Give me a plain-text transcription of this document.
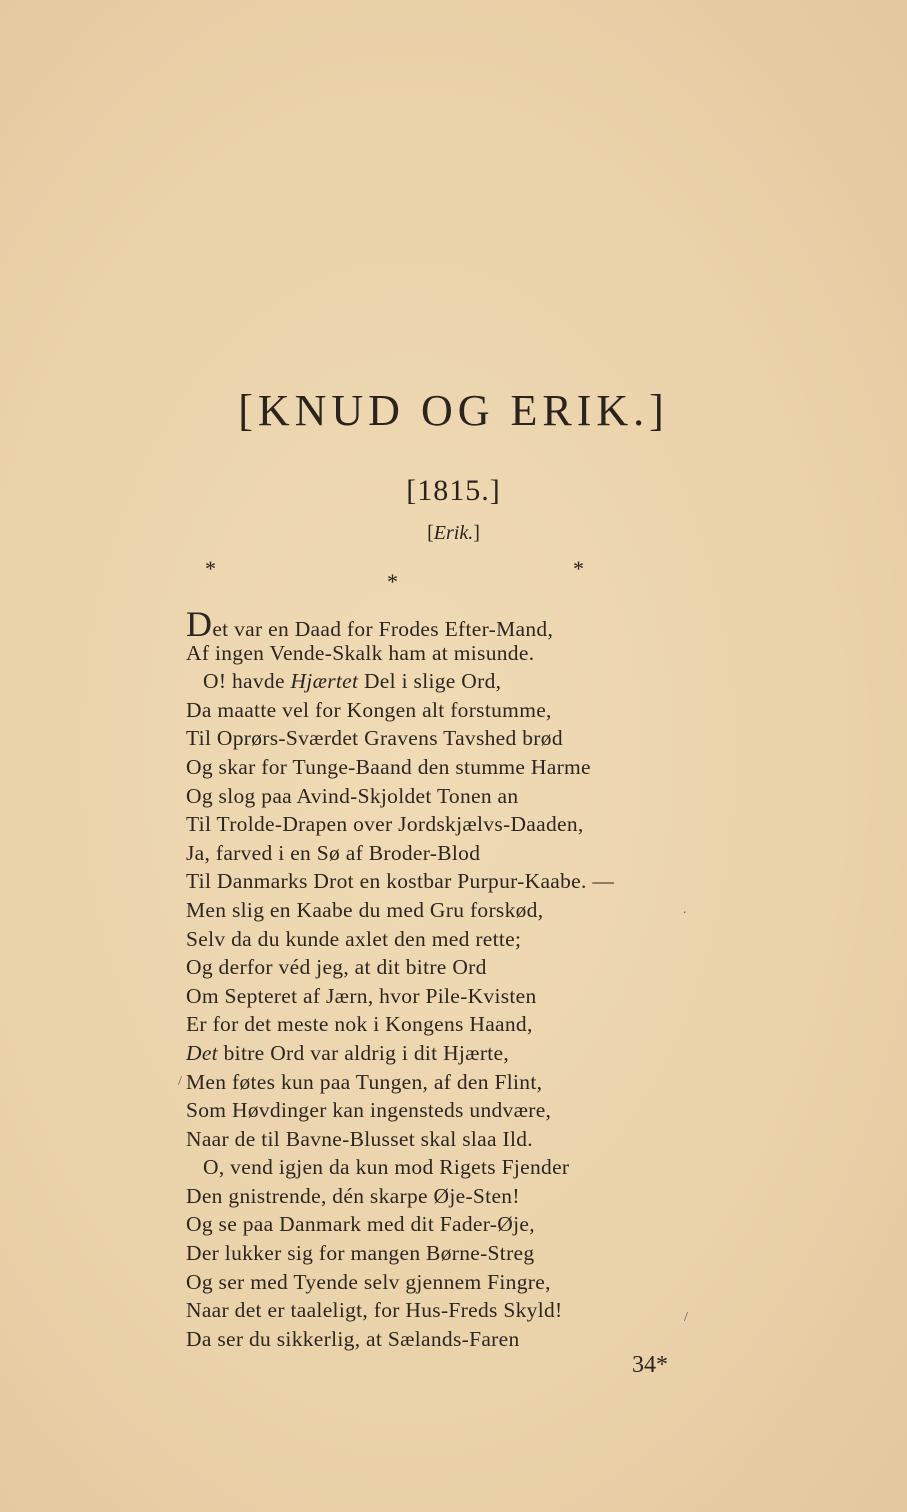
[KNUD OG ERIK.]
[1815.]
[Erik.]
*	*
*
Det var en Daad for Frodes Efter-Mand,
Af ingen Vende-Skalk ham at misunde.
O! havde Hjærtet Del i slige Ord,
Da maatte vel for Kongen alt forstumme,
Til Oprørs-Sværdet Gravens Tavshed brød
Og skar for Tunge-Baand den stumme Harme
Og slog paa Avind-Skjoldet Tonen an
Til Trolde-Drapen over Jordskjælvs-Daaden,
Ja, farved i en Sø af Broder-Blod
Til Danmarks Drot en kostbar Purpur-Kaabe. —
Men slig en Kaabe du med Gru forskød,
Selv da du kunde axlet den med rette;
Og derfor véd jeg, at dit bitre Ord
Om Septeret af Jærn, hvor Pile-Kvisten
Er for det meste nok i Kongens Haand,
Det bitre Ord var aldrig i dit Hjærte,
Men føtes kun paa Tungen, af den Flint,
Som Høvdinger kan ingensteds undvære,
Naar de til Bavne-Blusset skal slaa Ild.
O, vend igjen da kun mod Rigets Fjender
Den gnistrende, dén skarpe Øje-Sten!
Og se paa Danmark med dit Fader-Øje,
Der lukker sig for mangen Børne-Streg
Og ser med Tyende selv gjennem Fingre,
Naar det er taaleligt, for Hus-Freds Skyld!
Da ser du sikkerlig, at Sælands-Faren
34*
.
/
/
